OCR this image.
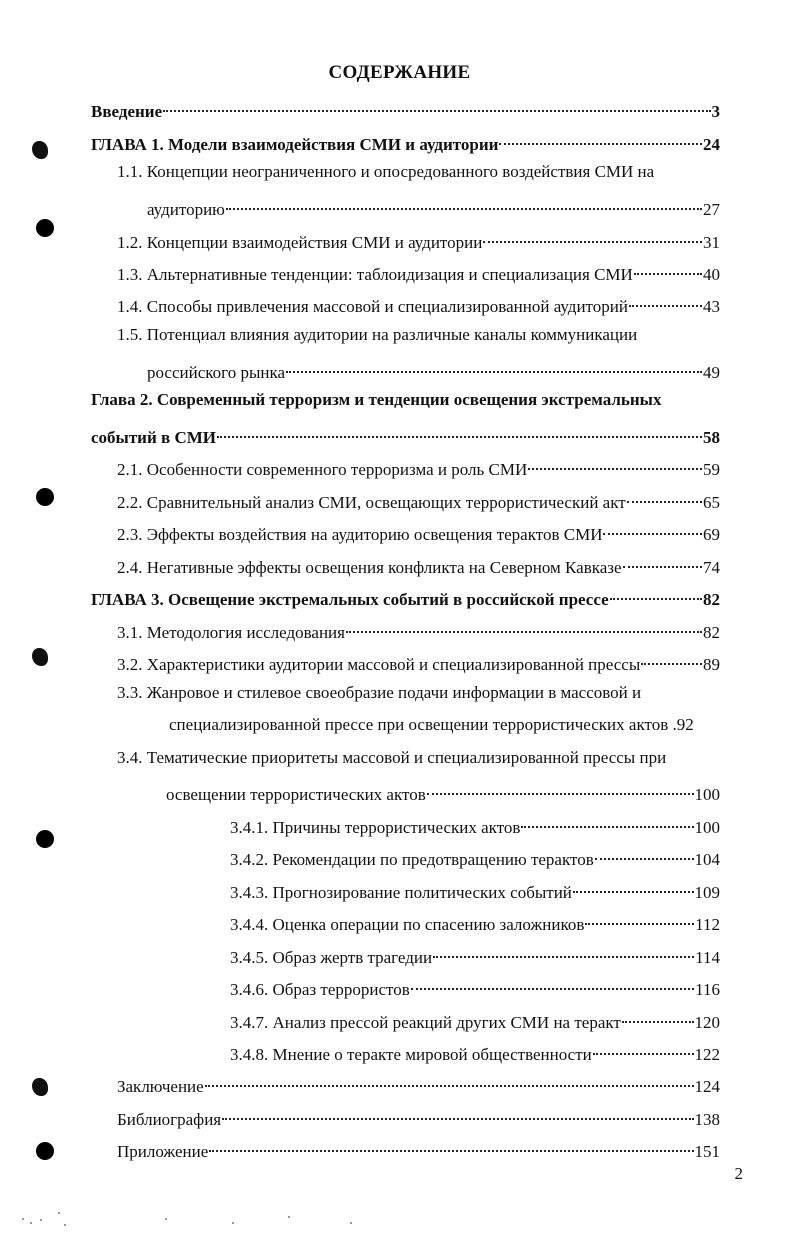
СОДЕРЖАНИЕ
Введение	3
ГЛАВА 1. Модели взаимодействия СМИ и аудитории	24
1.1. Концепции неограниченного и опосредованного воздействия СМИ на
аудиторию	27
1.2.
Концепции взаимодействия СМИ и аудитории	31
1.3.
Альтернативные тенденции: таблоидизация и специализация СМИ	40
1.4.
Способы привлечения массовой и специализированной аудиторий	43
1.5. Потенциал влияния аудитории на различные каналы коммуникации
российского рынка	49
Глава 2. Современный терроризм и тенденции освещения экстремальных
событий в СМИ	58
2.1. Особенности современного терроризма и роль СМИ	59
2.2. Сравнительный анализ СМИ, освещающих террористический акт	65
2.3. Эффекты воздействия на аудиторию освещения терактов СМИ	69
2.4. Негативные эффекты освещения конфликта на Северном Кавказе	74
ГЛАВА 3. Освещение экстремальных событий в российской прессе	82
3.1. Методология исследования	82
3.2. Характеристики аудитории массовой и специализированной прессы	89
3.3. Жанровое и стилевое своеобразие подачи информации в массовой и
специализированной прессе при освещении террористических актов .92
3.4. Тематические приоритеты массовой и специализированной прессы при
освещении террористических актов	100
3.4.1. Причины террористических актов	100
3.4.2. Рекомендации по предотвращению терактов	104
3.4.3. Прогнозирование политических событий	109
3.4.4. Оценка операции по спасению заложников	112
3.4.5. Образ жертв трагедии	114
3.4.6. Образ террористов	116
3.4.7. Анализ прессой реакций других СМИ на теракт	120
3.4.8. Мнение о теракте мировой общественности	122
Заключение	124
Библиография	138
Приложение	151
2
